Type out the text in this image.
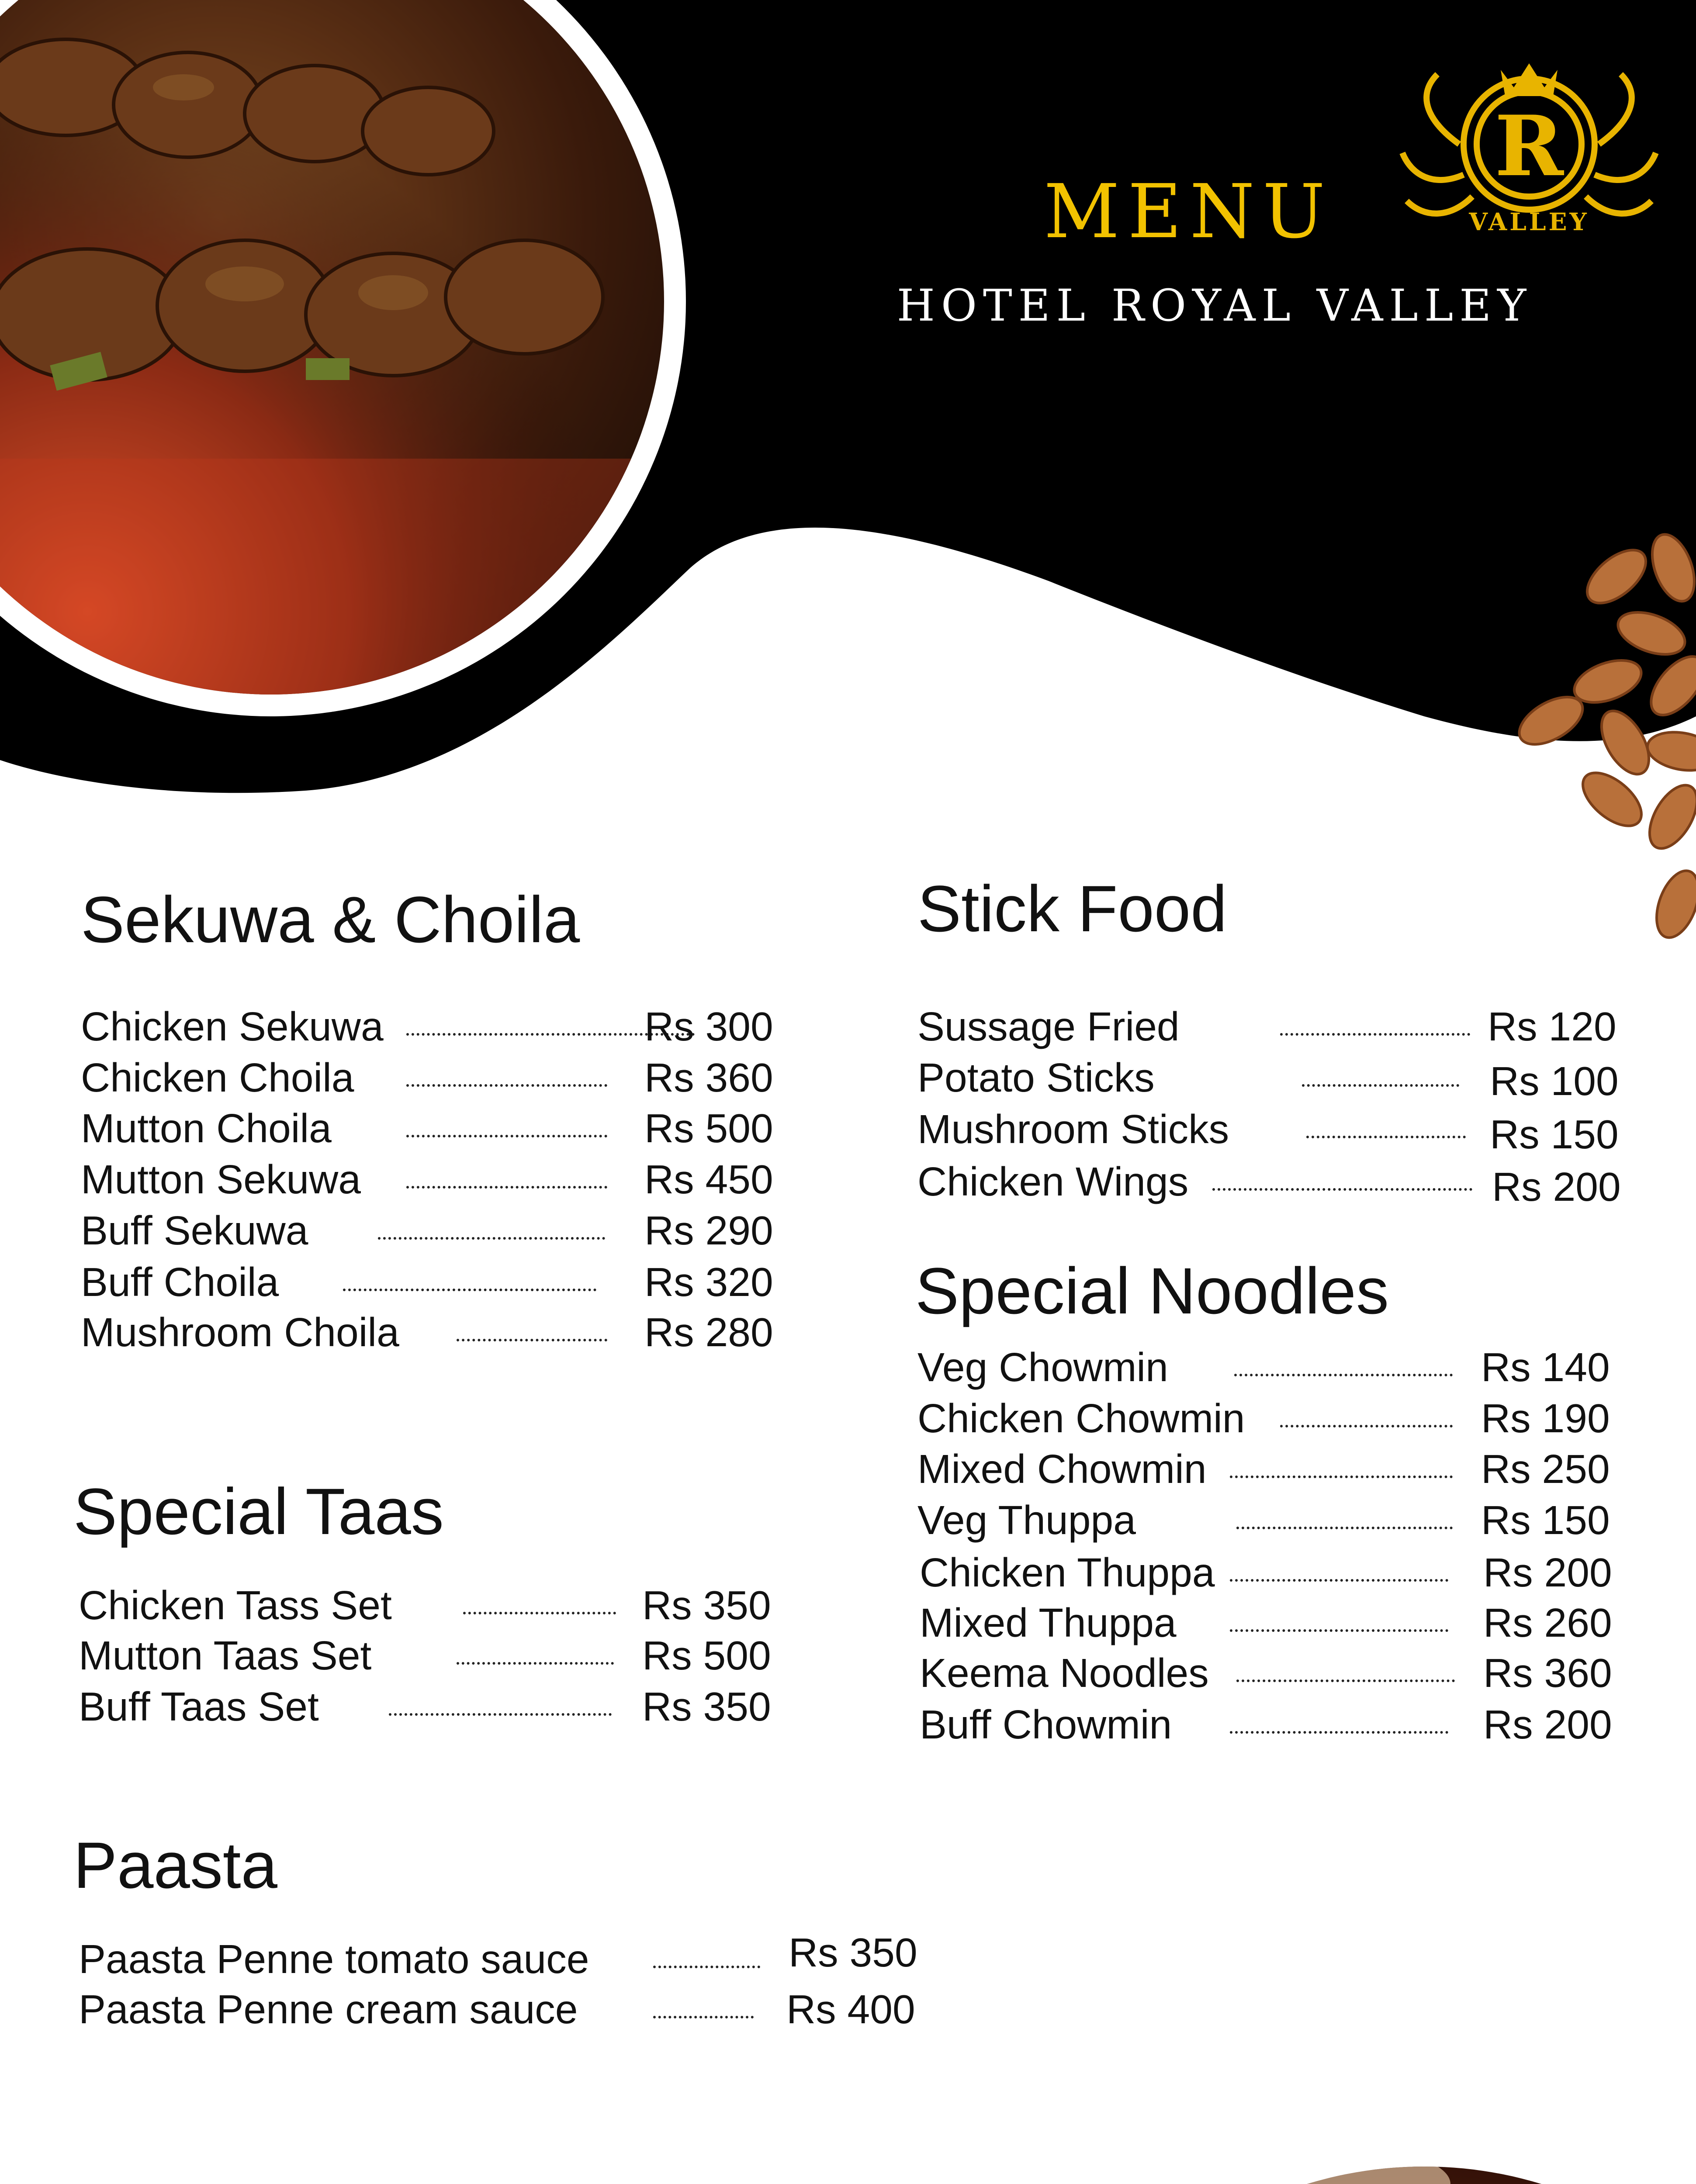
R
VALLEY
MENU
HOTEL ROYAL VALLEY
Sekuwa & Choila
Chicken Sekuwa	Rs 300
Chicken Choila	Rs 360
Mutton Choila	Rs 500
Mutton Sekuwa	Rs 450
Buff Sekuwa	Rs 290
Buff Choila	Rs 320
Mushroom Choila	Rs 280
Special Taas
Chicken Tass Set	Rs 350
Mutton Taas Set	Rs 500
Buff Taas Set	Rs 350
Paasta
Paasta Penne tomato sauce	Rs 350
Paasta Penne cream sauce	Rs 400
Stick Food
Sussage Fried	Rs 120
Potato Sticks	Rs 100
Mushroom Sticks	Rs 150
Chicken Wings	Rs 200
Special Noodles
Veg Chowmin	Rs 140
Chicken Chowmin	Rs 190
Mixed Chowmin	Rs 250
Veg Thuppa	Rs 150
Chicken Thuppa	Rs 200
Mixed Thuppa	Rs 260
Keema Noodles	Rs 360
Buff Chowmin	Rs 200
